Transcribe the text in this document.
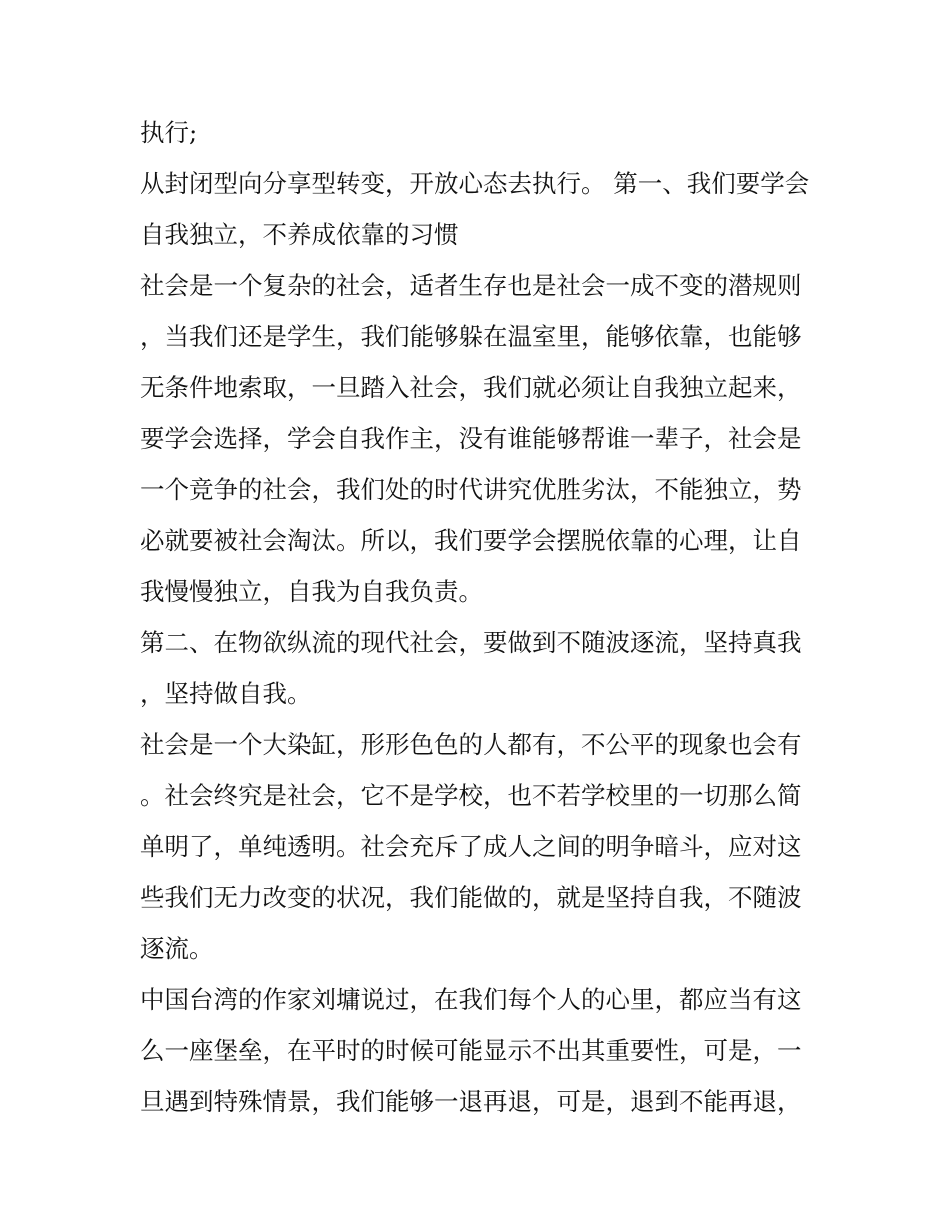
执行;

从封闭型向分享型转变，开放心态去执行。 第一、我们要学会自我独立，不养成依靠的习惯

社会是一个复杂的社会，适者生存也是社会一成不变的潜规则，当我们还是学生，我们能够躲在温室里，能够依靠，也能够无条件地索取，一旦踏入社会，我们就必须让自我独立起来，要学会选择，学会自我作主，没有谁能够帮谁一辈子，社会是一个竞争的社会，我们处的时代讲究优胜劣汰，不能独立，势必就要被社会淘汰。所以，我们要学会摆脱依靠的心理，让自我慢慢独立，自我为自我负责。

第二、在物欲纵流的现代社会，要做到不随波逐流，坚持真我，坚持做自我。

社会是一个大染缸，形形色色的人都有，不公平的现象也会有。社会终究是社会，它不是学校，也不若学校里的一切那么简单明了，单纯透明。社会充斥了成人之间的明争暗斗，应对这些我们无力改变的状况，我们能做的，就是坚持自我，不随波逐流。

中国台湾的作家刘墉说过，在我们每个人的心里，都应当有这么一座堡垒，在平时的时候可能显示不出其重要性，可是，一旦遇到特殊情景，我们能够一退再退，可是，退到不能再退，
